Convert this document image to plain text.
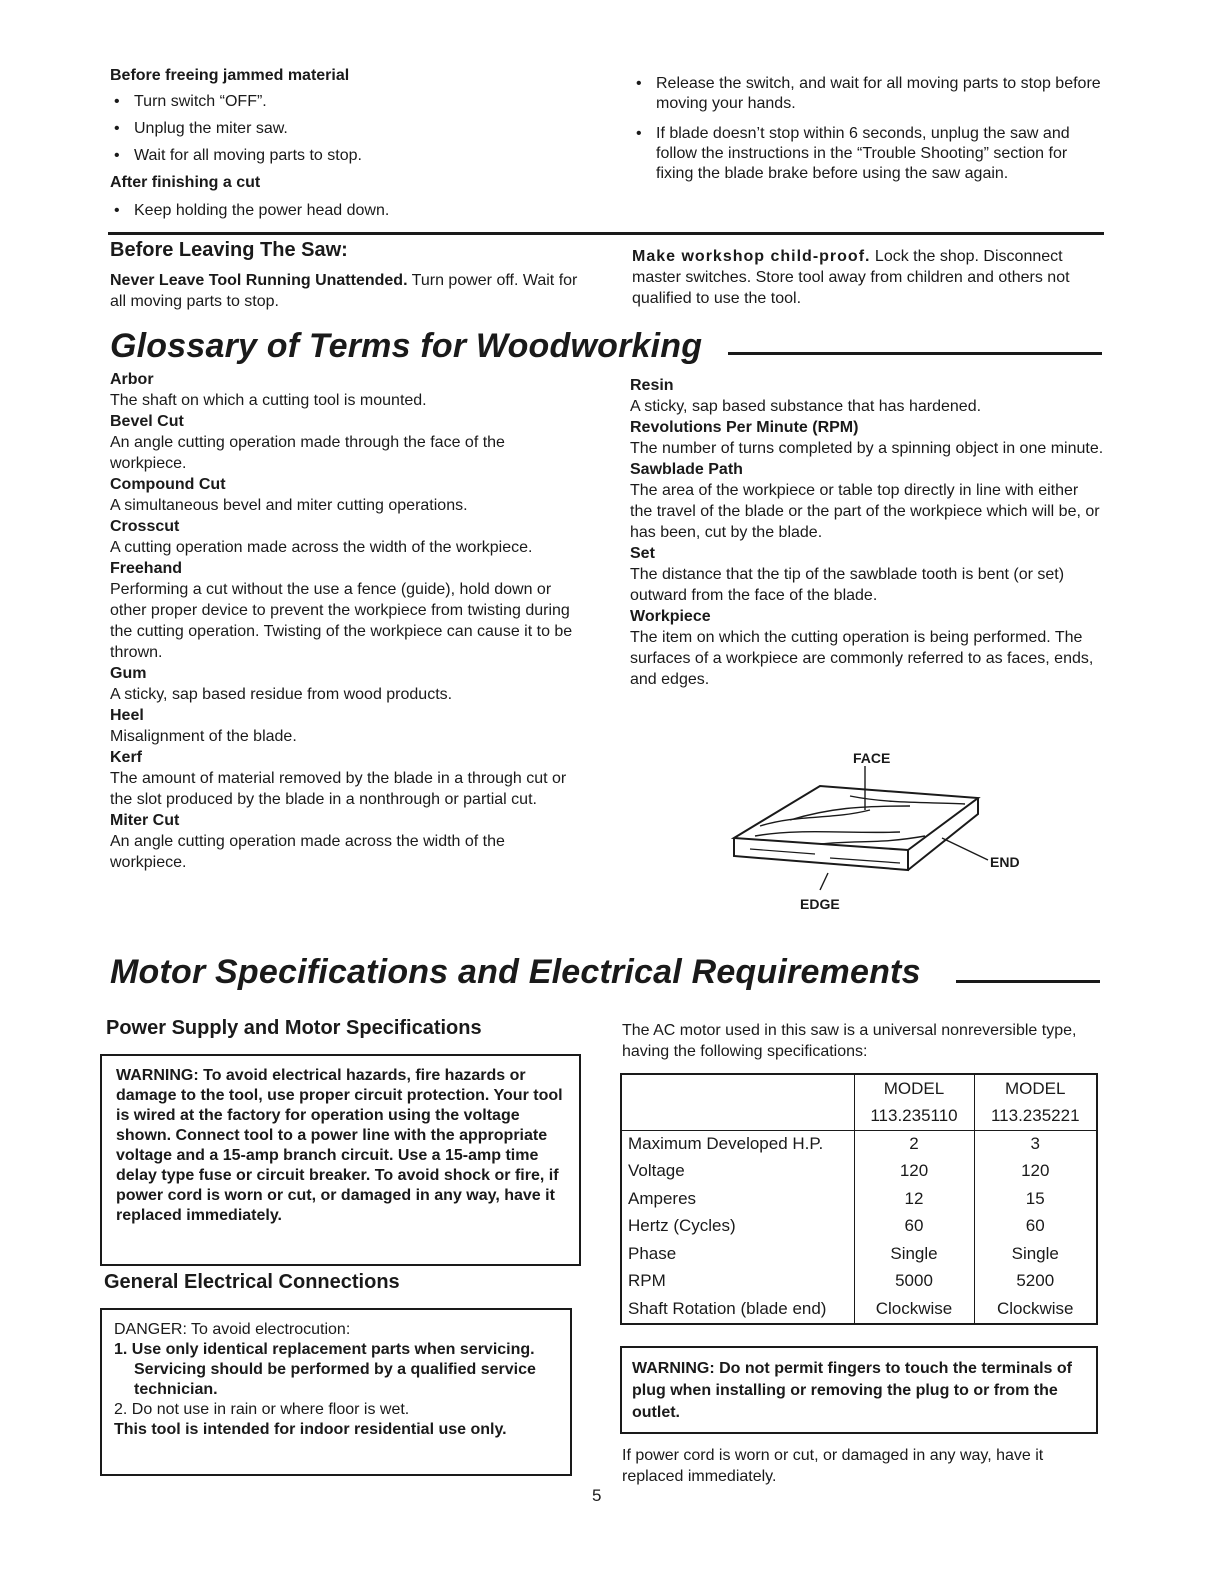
Before freeing jammed material
• Turn switch “OFF”.
• Unplug the miter saw.
• Wait for all moving parts to stop.
After finishing a cut
• Keep holding the power head down.
• Release the switch, and wait for all moving parts to stop before moving your hands.
• If blade doesn’t stop within 6 seconds, unplug the saw and follow the instructions in the “Trouble Shooting” section for fixing the blade brake before using the saw again.
Before Leaving The Saw:

Never Leave Tool Running Unattended. Turn power off. Wait for all moving parts to stop.

Make workshop child-proof. Lock the shop. Disconnect master switches. Store tool away from children and others not qualified to use the tool.

Glossary of Terms for Woodworking
Arbor
The shaft on which a cutting tool is mounted.
Bevel Cut
An angle cutting operation made through the face of the workpiece.
Compound Cut
A simultaneous bevel and miter cutting operations.
Crosscut
A cutting operation made across the width of the workpiece.
Freehand
Performing a cut without the use a fence (guide), hold down or other proper device to prevent the workpiece from twisting during the cutting operation. Twisting of the workpiece can cause it to be thrown.
Gum
A sticky, sap based residue from wood products.
Heel
Misalignment of the blade.
Kerf
The amount of material removed by the blade in a through cut or the slot produced by the blade in a nonthrough or partial cut.
Miter Cut
An angle cutting operation made across the width of the workpiece.
Resin
A sticky, sap based substance that has hardened.
Revolutions Per Minute (RPM)
The number of turns completed by a spinning object in one minute.
Sawblade Path
The area of the workpiece or table top directly in line with either the travel of the blade or the part of the workpiece which will be, or has been, cut by the blade.
Set
The distance that the tip of the sawblade tooth is bent (or set) outward from the face of the blade.
Workpiece
The item on which the cutting operation is being performed. The surfaces of a workpiece are commonly referred to as faces, ends, and edges.
FACE
END
EDGE
Motor Specifications and Electrical Requirements
Power Supply and Motor Specifications

WARNING: To avoid electrical hazards, fire hazards or damage to the tool, use proper circuit protection. Your tool is wired at the factory for operation using the voltage shown. Connect tool to a power line with the appropriate voltage and a 15-amp branch circuit. Use a 15-amp time delay type fuse or circuit breaker. To avoid shock or fire, if power cord is worn or cut, or damaged in any way, have it replaced immediately.

General Electrical Connections

DANGER: To avoid electrocution:

1. Use only identical replacement parts when servicing. Servicing should be performed by a qualified service technician.

2. Do not use in rain or where floor is wet.

This tool is intended for indoor residential use only.

The AC motor used in this saw is a universal nonreversible type, having the following specifications:
	MODEL	MODEL
	113.235110	113.235221
Maximum Developed H.P.	2	3
Voltage	120	120
Amperes	12	15
Hertz (Cycles)	60	60
Phase	Single	Single
RPM	5000	5200
Shaft Rotation (blade end)	Clockwise	Clockwise

WARNING: Do not permit fingers to touch the terminals of plug when installing or removing the plug to or from the outlet.

If power cord is worn or cut, or damaged in any way, have it replaced immediately.
5
